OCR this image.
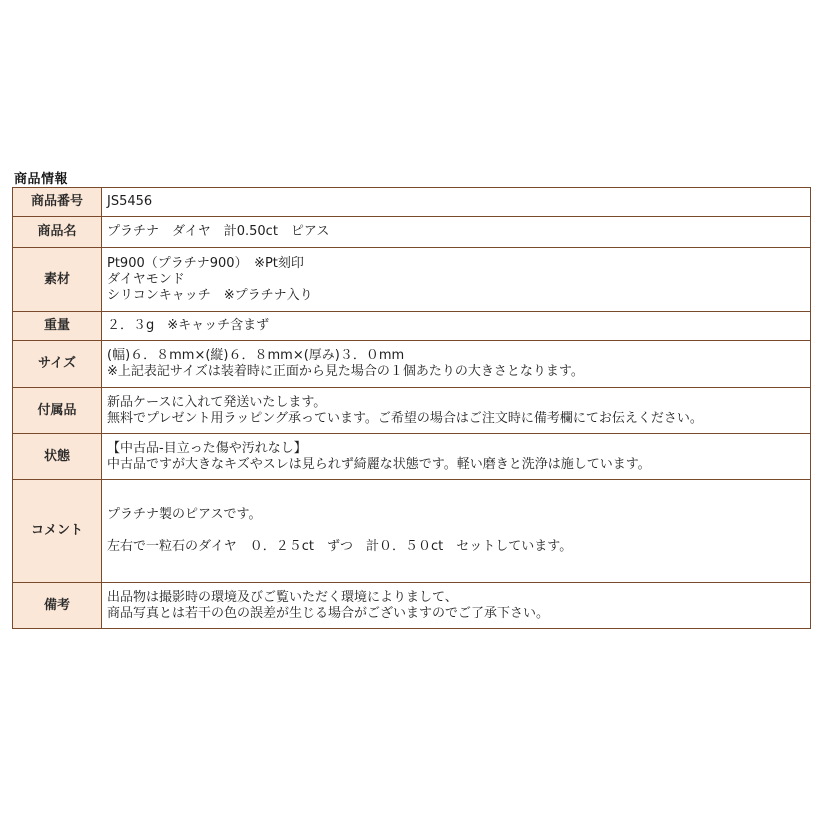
商品情報
商品番号	JS5456

商品名	プラチナ　ダイヤ　計0.50ct　ピアス

素材	Pt900（プラチナ900）　※Pt刻印
ダイヤモンド
シリコンキャッチ　※プラチナ入り

重量	２．３g　※キャッチ含まず

サイズ	(幅)６．８mm×(縦)６．８mm×(厚み)３．０mm
※上記表記サイズは装着時に正面から見た場合の１個あたりの大きさとなります。

付属品	新品ケースに入れて発送いたします。
無料でプレゼント用ラッピング承っています。ご希望の場合はご注文時に備考欄にてお伝えください。

状態	【中古品-目立った傷や汚れなし】
中古品ですが大きなキズやスレは見られず綺麗な状態です。軽い磨きと洗浄は施しています。

コメント	プラチナ製のピアスです。
左右で一粒石のダイヤ　０．２５ct　ずつ　計０．５０ct　セットしています。

備考	出品物は撮影時の環境及びご覧いただく環境によりまして、
商品写真とは若干の色の誤差が生じる場合がございますのでご了承下さい。
